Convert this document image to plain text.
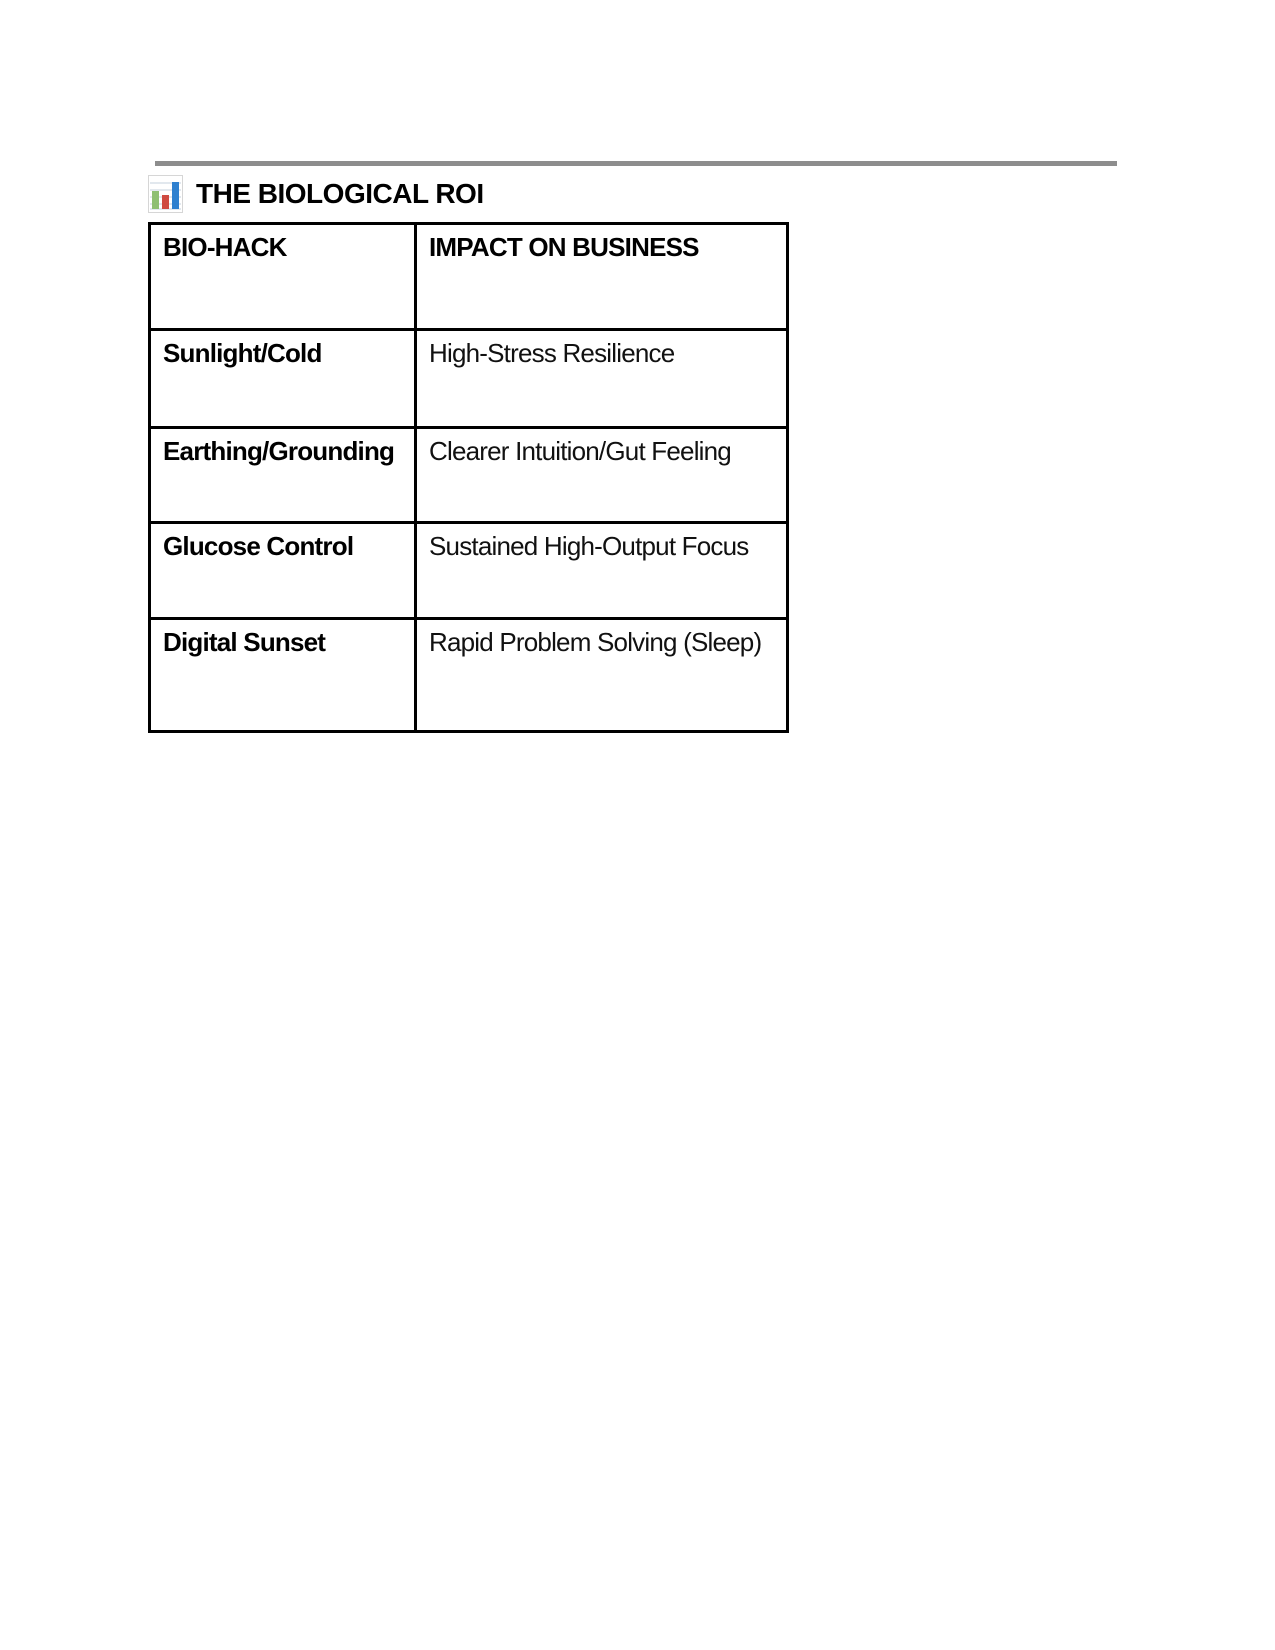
THE BIOLOGICAL ROI
BIO-HACK	IMPACT ON BUSINESS
Sunlight/Cold	High-Stress Resilience
Earthing/Grounding	Clearer Intuition/Gut Feeling
Glucose Control	Sustained High-Output Focus
Digital Sunset	Rapid Problem Solving (Sleep)
